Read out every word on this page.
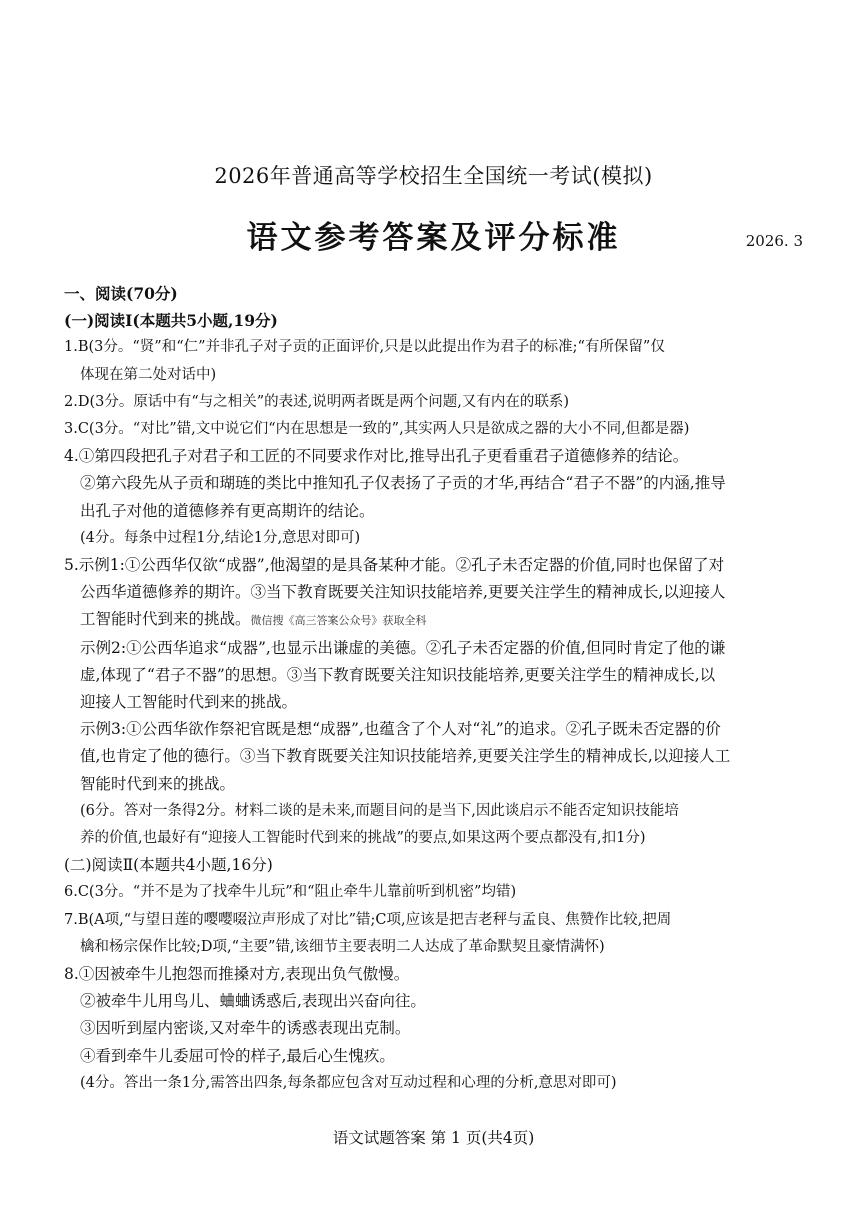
2026年普通高等学校招生全国统一考试(模拟)
语文参考答案及评分标准	2026. 3
一、阅读(70分)
(一)阅读Ⅰ(本题共5小题,19分)
1.B(3分。“贤”和“仁”并非孔子对子贡的正面评价,只是以此提出作为君子的标准;“有所保留”仅
体现在第二处对话中)
2.D(3分。原话中有“与之相关”的表述,说明两者既是两个问题,又有内在的联系)
3.C(3分。“对比”错,文中说它们“内在思想是一致的”,其实两人只是欲成之器的大小不同,但都是器)
4.①第四段把孔子对君子和工匠的不同要求作对比,推导出孔子更看重君子道德修养的结论。
②第六段先从子贡和瑚琏的类比中推知孔子仅表扬了子贡的才华,再结合“君子不器”的内涵,推导
出孔子对他的道德修养有更高期许的结论。
(4分。每条中过程1分,结论1分,意思对即可)
5.示例1:①公西华仅欲“成器”,他渴望的是具备某种才能。②孔子未否定器的价值,同时也保留了对
公西华道德修养的期许。③当下教育既要关注知识技能培养,更要关注学生的精神成长,以迎接人
工智能时代到来的挑战。微信搜《高三答案公众号》获取全科
示例2:①公西华追求“成器”,也显示出谦虚的美德。②孔子未否定器的价值,但同时肯定了他的谦
虚,体现了“君子不器”的思想。③当下教育既要关注知识技能培养,更要关注学生的精神成长,以
迎接人工智能时代到来的挑战。
示例3:①公西华欲作祭祀官既是想“成器”,也蕴含了个人对“礼”的追求。②孔子既未否定器的价
值,也肯定了他的德行。③当下教育既要关注知识技能培养,更要关注学生的精神成长,以迎接人工
智能时代到来的挑战。
(6分。答对一条得2分。材料二谈的是未来,而题目问的是当下,因此谈启示不能否定知识技能培
养的价值,也最好有“迎接人工智能时代到来的挑战”的要点,如果这两个要点都没有,扣1分)
(二)阅读Ⅱ(本题共4小题,16分)
6.C(3分。“并不是为了找牵牛儿玩”和“阻止牵牛儿靠前听到机密”均错)
7.B(A项,“与望日莲的嘤嘤啜泣声形成了对比”错;C项,应该是把吉老秤与孟良、焦赞作比较,把周
檎和杨宗保作比较;D项,“主要”错,该细节主要表明二人达成了革命默契且豪情满怀)
8.①因被牵牛儿抱怨而推搡对方,表现出负气傲慢。
②被牵牛儿用鸟儿、蛐蛐诱惑后,表现出兴奋向往。
③因听到屋内密谈,又对牵牛的诱惑表现出克制。
④看到牵牛儿委屈可怜的样子,最后心生愧疚。
(4分。答出一条1分,需答出四条,每条都应包含对互动过程和心理的分析,意思对即可)
语文试题答案 第 1 页(共4页)
